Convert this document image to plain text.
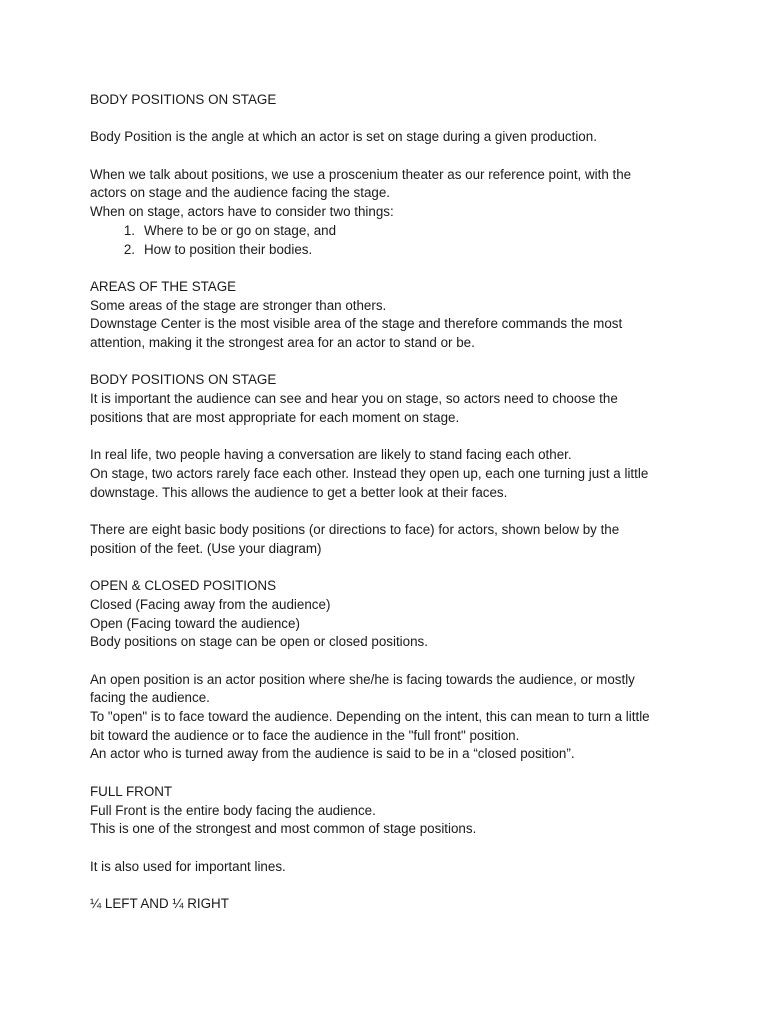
BODY POSITIONS ON STAGE

Body Position is the angle at which an actor is set on stage during a given production.

When we talk about positions, we use a proscenium theater as our reference point, with the

actors on stage and the audience facing the stage.

When on stage, actors have to consider two things:

1. Where to be or go on stage, and
2. How to position their bodies.

AREAS OF THE STAGE

Some areas of the stage are stronger than others.

Downstage Center is the most visible area of the stage and therefore commands the most

attention, making it the strongest area for an actor to stand or be.

BODY POSITIONS ON STAGE

It is important the audience can see and hear you on stage, so actors need to choose the

positions that are most appropriate for each moment on stage.

In real life, two people having a conversation are likely to stand facing each other.

On stage, two actors rarely face each other. Instead they open up, each one turning just a little

downstage. This allows the audience to get a better look at their faces.

There are eight basic body positions (or directions to face) for actors, shown below by the

position of the feet. (Use your diagram)

OPEN & CLOSED POSITIONS

Closed (Facing away from the audience)

Open (Facing toward the audience)

Body positions on stage can be open or closed positions.

An open position is an actor position where she/he is facing towards the audience, or mostly

facing the audience.

To "open" is to face toward the audience. Depending on the intent, this can mean to turn a little

bit toward the audience or to face the audience in the "full front" position.

An actor who is turned away from the audience is said to be in a “closed position”.

FULL FRONT

Full Front is the entire body facing the audience.

This is one of the strongest and most common of stage positions.

It is also used for important lines.

¼ LEFT AND ¼ RIGHT
